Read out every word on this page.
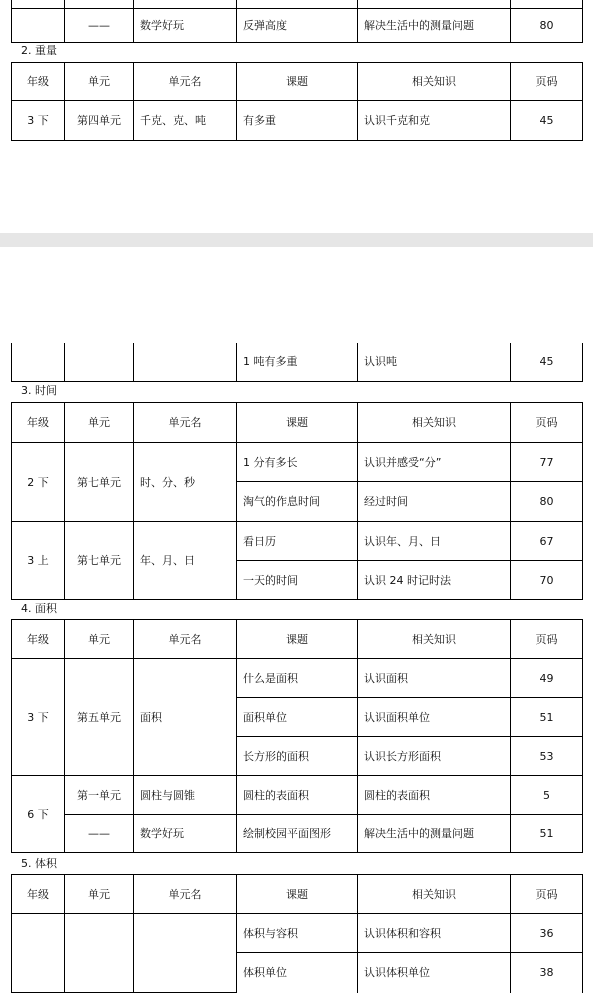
	——	数学好玩	反弹高度	解决生活中的测量问题	80
2. 重量
年级	单元	单元名	课题	相关知识	页码
3 下	第四单元	千克、克、吨	有多重	认识千克和克	45
			1 吨有多重	认识吨	45
3. 时间
年级	单元	单元名	课题	相关知识	页码
2 下	第七单元	时、分、秒	1 分有多长	认识并感受“分”	77
			淘气的作息时间	经过时间	80
3 上	第七单元	年、月、日	看日历	认识年、月、日	67
			一天的时间	认识 24 时记时法	70
4. 面积
年级	单元	单元名	课题	相关知识	页码
3 下	第五单元	面积	什么是面积	认识面积	49
			面积单位	认识面积单位	51
			长方形的面积	认识长方形面积	53
6 下	第一单元	圆柱与圆锥	圆柱的表面积	圆柱的表面积	5
	——	数学好玩	绘制校园平面图形	解决生活中的测量问题	51
5. 体积
年级	单元	单元名	课题	相关知识	页码
			体积与容积	认识体积和容积	36
			体积单位	认识体积单位	38
